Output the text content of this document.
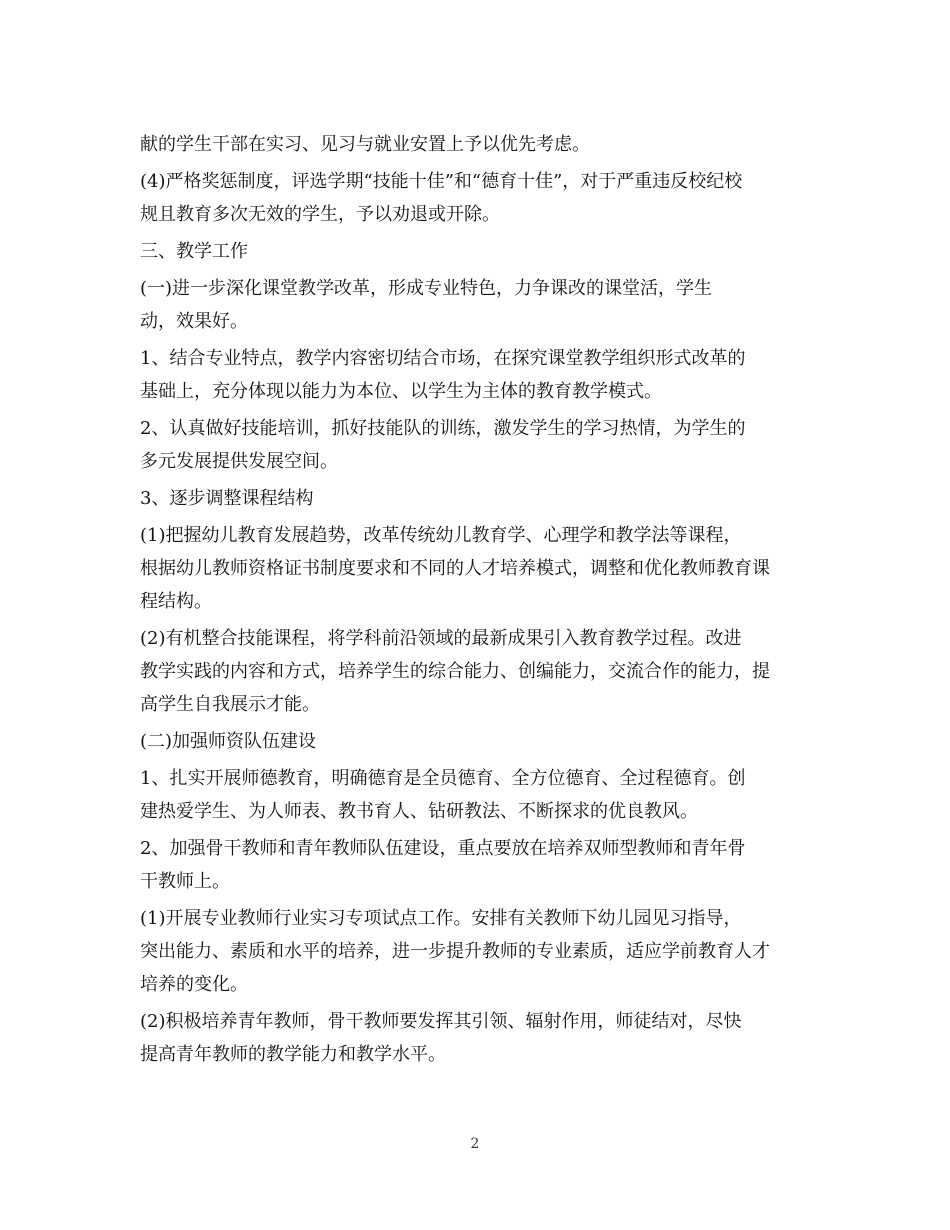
献的学生干部在实习、见习与就业安置上予以优先考虑。

(4)严格奖惩制度，评选学期“技能十佳”和“德育十佳”，对于严重违反校纪校
规且教育多次无效的学生，予以劝退或开除。

三、教学工作

(一)进一步深化课堂教学改革，形成专业特色，力争课改的课堂活，学生
动，效果好。

1、结合专业特点，教学内容密切结合市场，在探究课堂教学组织形式改革的
基础上，充分体现以能力为本位、以学生为主体的教育教学模式。

2、认真做好技能培训，抓好技能队的训练，激发学生的学习热情，为学生的
多元发展提供发展空间。

3、逐步调整课程结构

(1)把握幼儿教育发展趋势，改革传统幼儿教育学、心理学和教学法等课程，
根据幼儿教师资格证书制度要求和不同的人才培养模式，调整和优化教师教育课
程结构。

(2)有机整合技能课程，将学科前沿领域的最新成果引入教育教学过程。改进
教学实践的内容和方式，培养学生的综合能力、创编能力，交流合作的能力，提
高学生自我展示才能。

(二)加强师资队伍建设

1、扎实开展师德教育，明确德育是全员德育、全方位德育、全过程德育。创
建热爱学生、为人师表、教书育人、钻研教法、不断探求的优良教风。

2、加强骨干教师和青年教师队伍建设，重点要放在培养双师型教师和青年骨
干教师上。

(1)开展专业教师行业实习专项试点工作。安排有关教师下幼儿园见习指导，
突出能力、素质和水平的培养，进一步提升教师的专业素质，适应学前教育人才
培养的变化。

(2)积极培养青年教师，骨干教师要发挥其引领、辐射作用，师徒结对，尽快
提高青年教师的教学能力和教学水平。

2
